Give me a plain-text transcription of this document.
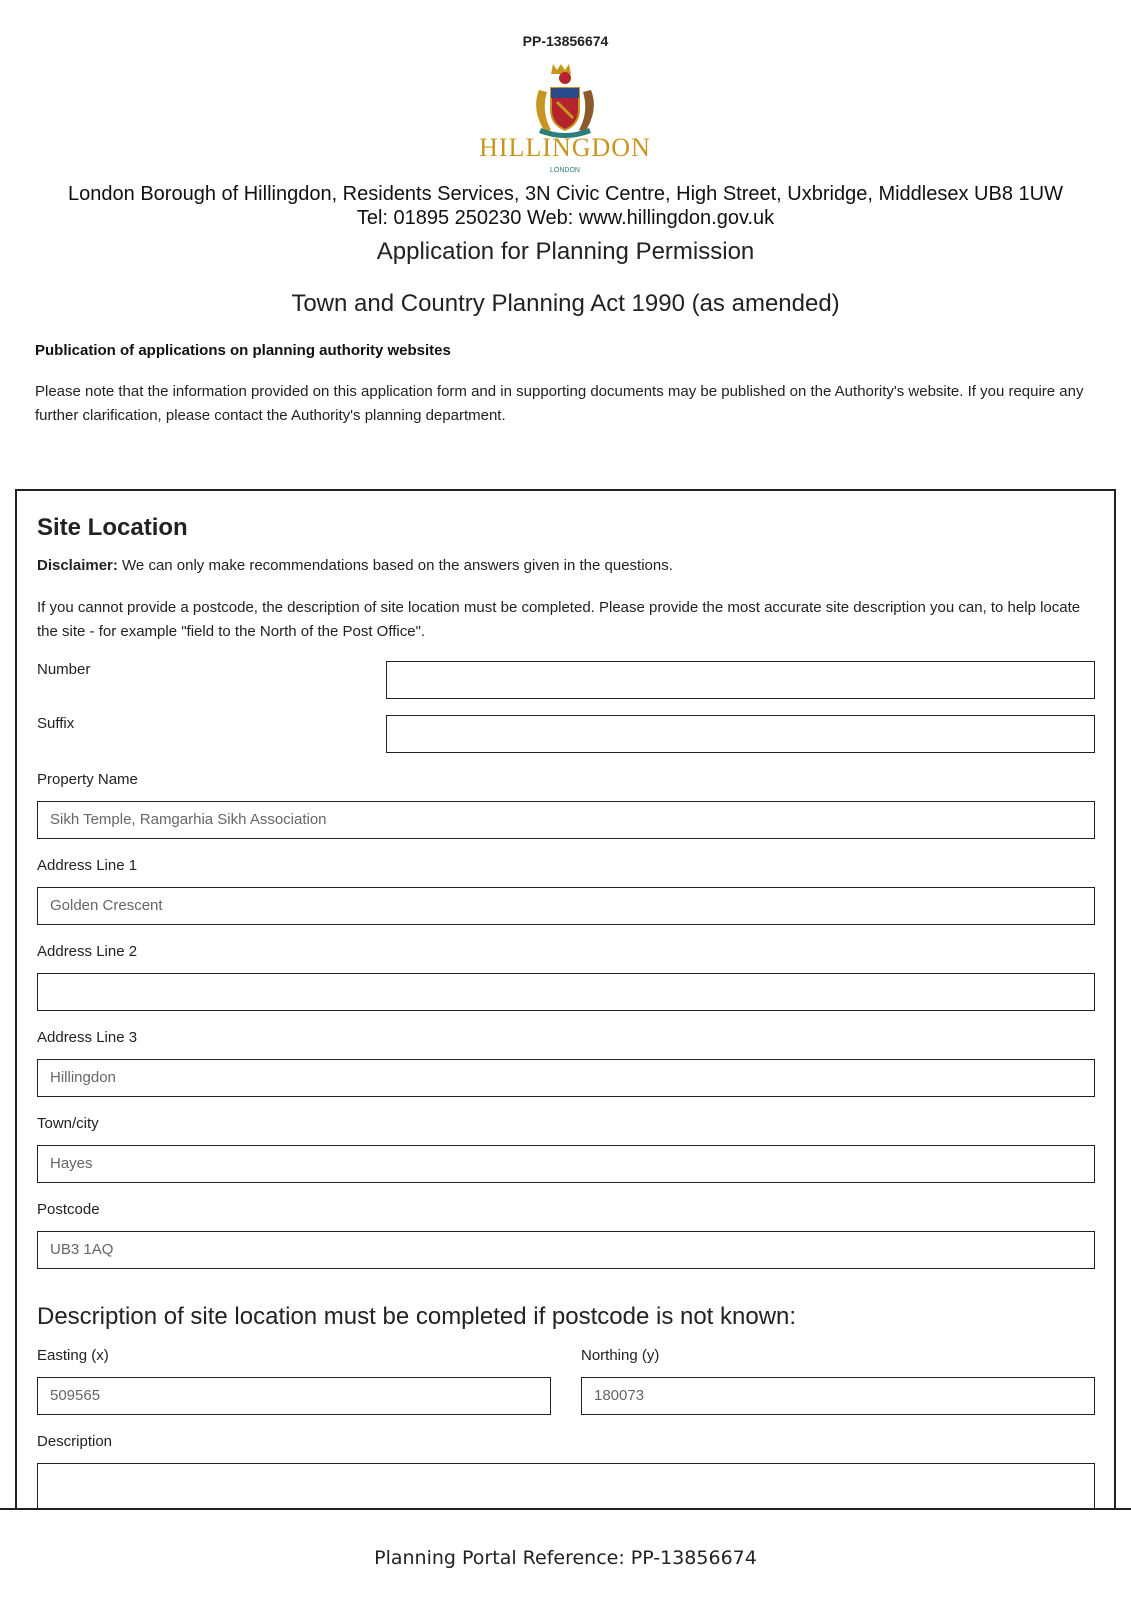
PP-13856674
HILLINGDON
LONDON
London Borough of Hillingdon, Residents Services, 3N Civic Centre, High Street, Uxbridge, Middlesex UB8 1UW
Tel: 01895 250230 Web: www.hillingdon.gov.uk
Application for Planning Permission
Town and Country Planning Act 1990 (as amended)
Publication of applications on planning authority websites
Please note that the information provided on this application form and in supporting documents may be published on the Authority's website. If you require any further clarification, please contact the Authority's planning department.
Site Location
Disclaimer: We can only make recommendations based on the answers given in the questions.
If you cannot provide a postcode, the description of site location must be completed. Please provide the most accurate site description you can, to help locate the site - for example "field to the North of the Post Office".
Number
Suffix
Property Name
Sikh Temple, Ramgarhia Sikh Association
Address Line 1
Golden Crescent
Address Line 2
Address Line 3
Hillingdon
Town/city
Hayes
Postcode
UB3 1AQ
Description of site location must be completed if postcode is not known:
Easting (x)
509565
Northing (y)
180073
Description
Planning Portal Reference: PP-13856674
